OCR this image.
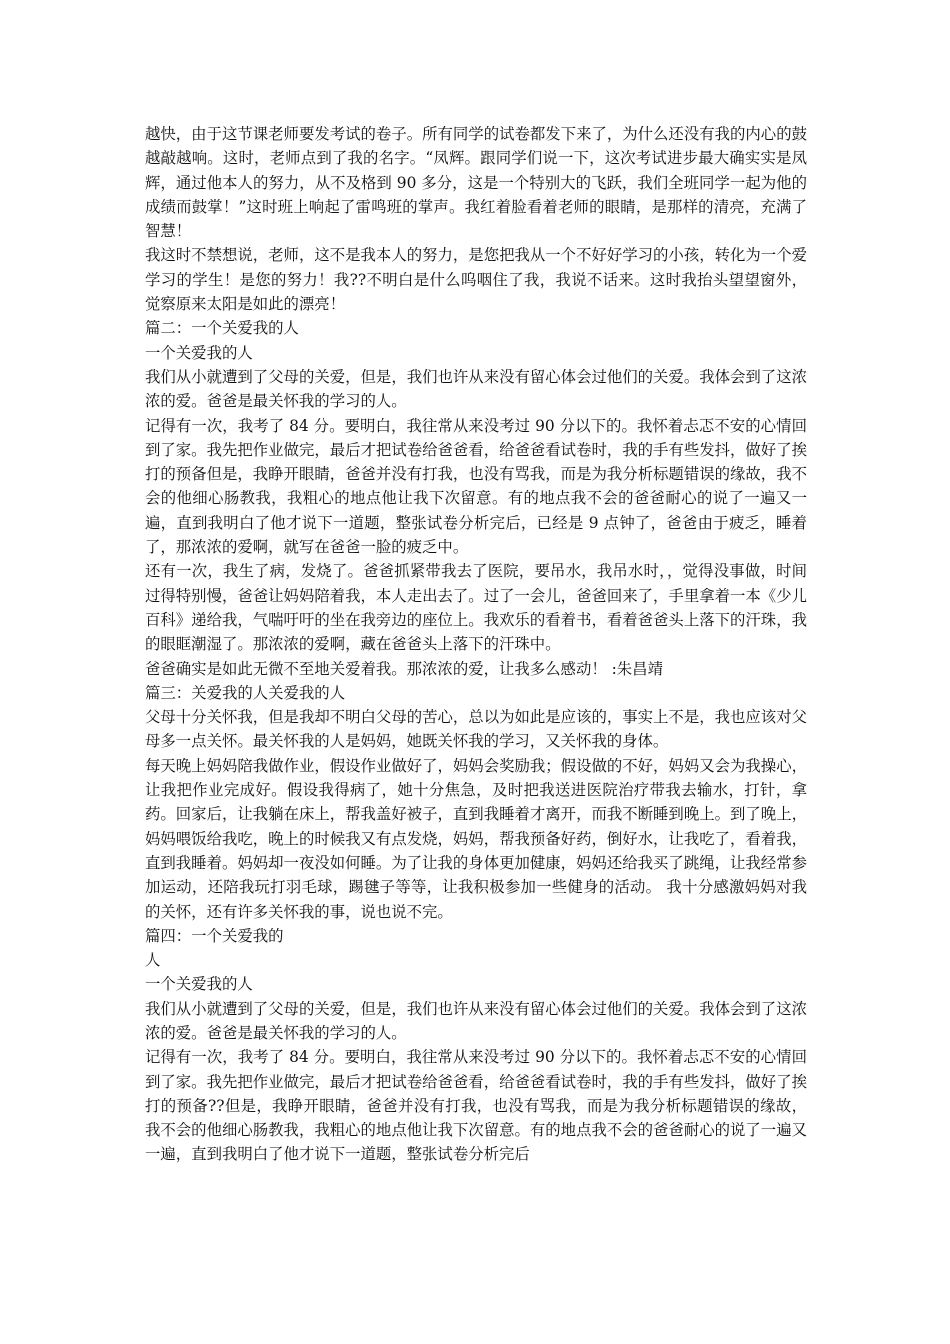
越快，由于这节课老师要发考试的卷子。所有同学的试卷都发下来了，为什么还没有我的内心的鼓越敲越响。这时，老师点到了我的名字。“凤辉。跟同学们说一下，这次考试进步最大确实实是凤辉，通过他本人的努力，从不及格到 90 多分，这是一个特别大的飞跃，我们全班同学一起为他的成绩而鼓掌！”这时班上响起了雷鸣班的掌声。我红着脸看着老师的眼睛，是那样的清亮，充满了智慧！

我这时不禁想说，老师，这不是我本人的努力，是您把我从一个不好好学习的小孩，转化为一个爱学习的学生！是您的努力！我??不明白是什么呜咽住了我，我说不话来。这时我抬头望望窗外，觉察原来太阳是如此的漂亮！

篇二：一个关爱我的人

一个关爱我的人

我们从小就遭到了父母的关爱，但是，我们也许从来没有留心体会过他们的关爱。我体会到了这浓浓的爱。爸爸是最关怀我的学习的人。

记得有一次，我考了 84 分。要明白，我往常从来没考过 90 分以下的。我怀着忐忑不安的心情回到了家。我先把作业做完，最后才把试卷给爸爸看，给爸爸看试卷时，我的手有些发抖，做好了挨打的预备但是，我睁开眼睛，爸爸并没有打我，也没有骂我，而是为我分析标题错误的缘故，我不会的他细心肠教我，我粗心的地点他让我下次留意。有的地点我不会的爸爸耐心的说了一遍又一遍，直到我明白了他才说下一道题，整张试卷分析完后，已经是 9 点钟了，爸爸由于疲乏，睡着了，那浓浓的爱啊，就写在爸爸一脸的疲乏中。

还有一次，我生了病，发烧了。爸爸抓紧带我去了医院，要吊水，我吊水时，，觉得没事做，时间过得特别慢，爸爸让妈妈陪着我，本人走出去了。过了一会儿，爸爸回来了，手里拿着一本《少儿百科》递给我，气喘吁吁的坐在我旁边的座位上。我欢乐的看着书，看着爸爸头上落下的汗珠，我的眼眶潮湿了。那浓浓的爱啊，藏在爸爸头上落下的汗珠中。

爸爸确实是如此无微不至地关爱着我。那浓浓的爱，让我多么感动！ :朱昌靖

篇三：关爱我的人关爱我的人

父母十分关怀我，但是我却不明白父母的苦心，总以为如此是应该的，事实上不是，我也应该对父母多一点关怀。最关怀我的人是妈妈，她既关怀我的学习，又关怀我的身体。

每天晚上妈妈陪我做作业，假设作业做好了，妈妈会奖励我；假设做的不好，妈妈又会为我操心，让我把作业完成好。假设我得病了，她十分焦急，及时把我送进医院治疗带我去输水，打针，拿药。回家后，让我躺在床上，帮我盖好被子，直到我睡着才离开，而我不断睡到晚上。到了晚上，妈妈喂饭给我吃，晚上的时候我又有点发烧，妈妈，帮我预备好药，倒好水，让我吃了，看着我，直到我睡着。妈妈却一夜没如何睡。为了让我的身体更加健康，妈妈还给我买了跳绳，让我经常参加运动，还陪我玩打羽毛球，踢毽子等等，让我积极参加一些健身的活动。 我十分感激妈妈对我的关怀，还有许多关怀我的事，说也说不完。

篇四：一个关爱我的

人

一个关爱我的人

我们从小就遭到了父母的关爱，但是，我们也许从来没有留心体会过他们的关爱。我体会到了这浓浓的爱。爸爸是最关怀我的学习的人。

记得有一次，我考了 84 分。要明白，我往常从来没考过 90 分以下的。我怀着忐忑不安的心情回到了家。我先把作业做完，最后才把试卷给爸爸看，给爸爸看试卷时，我的手有些发抖，做好了挨打的预备??但是，我睁开眼睛，爸爸并没有打我，也没有骂我，而是为我分析标题错误的缘故，我不会的他细心肠教我，我粗心的地点他让我下次留意。有的地点我不会的爸爸耐心的说了一遍又一遍，直到我明白了他才说下一道题，整张试卷分析完后
